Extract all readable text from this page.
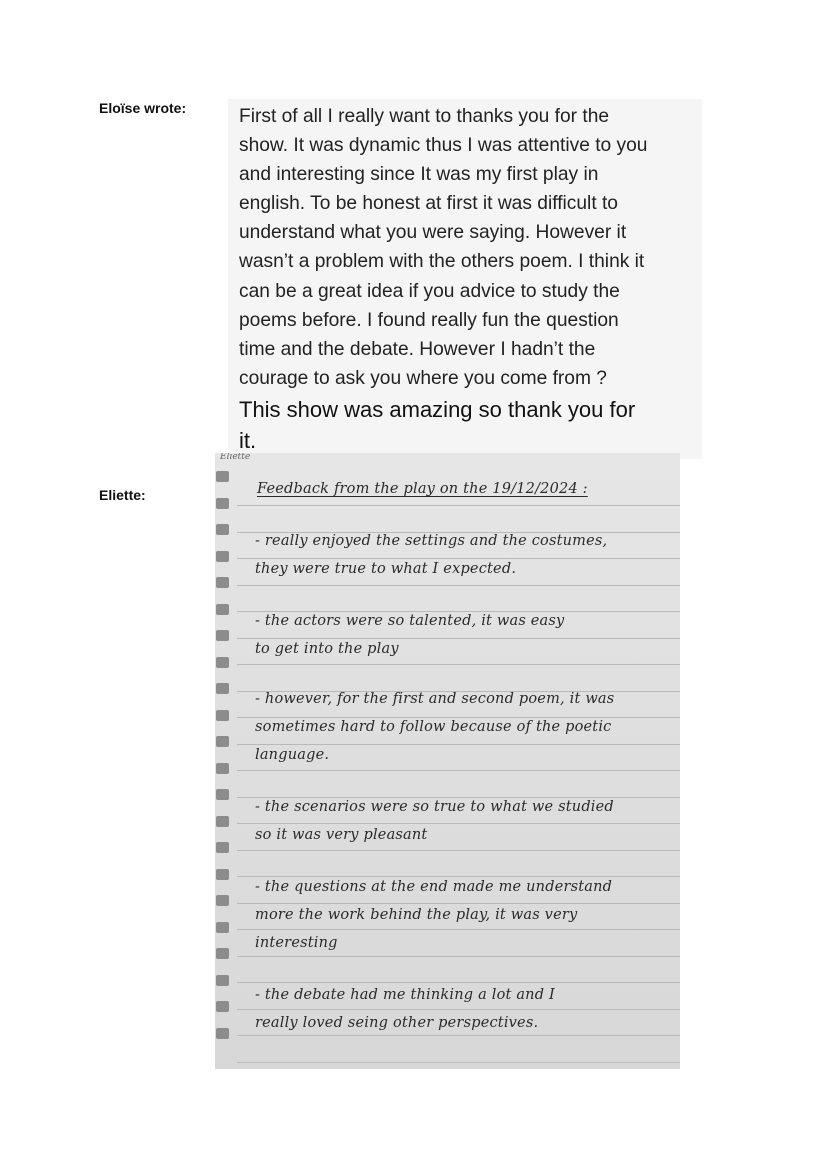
Eloïse wrote:
Eliette:
First of all I really want to thanks you for the
show. It was dynamic thus I was attentive to you
and interesting since It was my first play in
english. To be honest at first it was difficult to
understand what you were saying. However it
wasn’t a problem with the others poem. I think it
can be a great idea if you advice to study the
poems before. I found really fun the question
time and the debate. However I hadn’t the
courage to ask you where you come from ?
This show was amazing so thank you for
it.
Eliette
Feedback from the play on the 19/12/2024 :
- really enjoyed the settings and the costumes,
they were true to what I expected.
- the actors were so talented, it was easy
to get into the play
- however, for the first and second poem, it was
sometimes hard to follow because of the poetic
language.
- the scenarios were so true to what we studied
so it was very pleasant
- the questions at the end made me understand
more the work behind the play, it was very
interesting
- the debate had me thinking a lot and I
really loved seing other perspectives.
